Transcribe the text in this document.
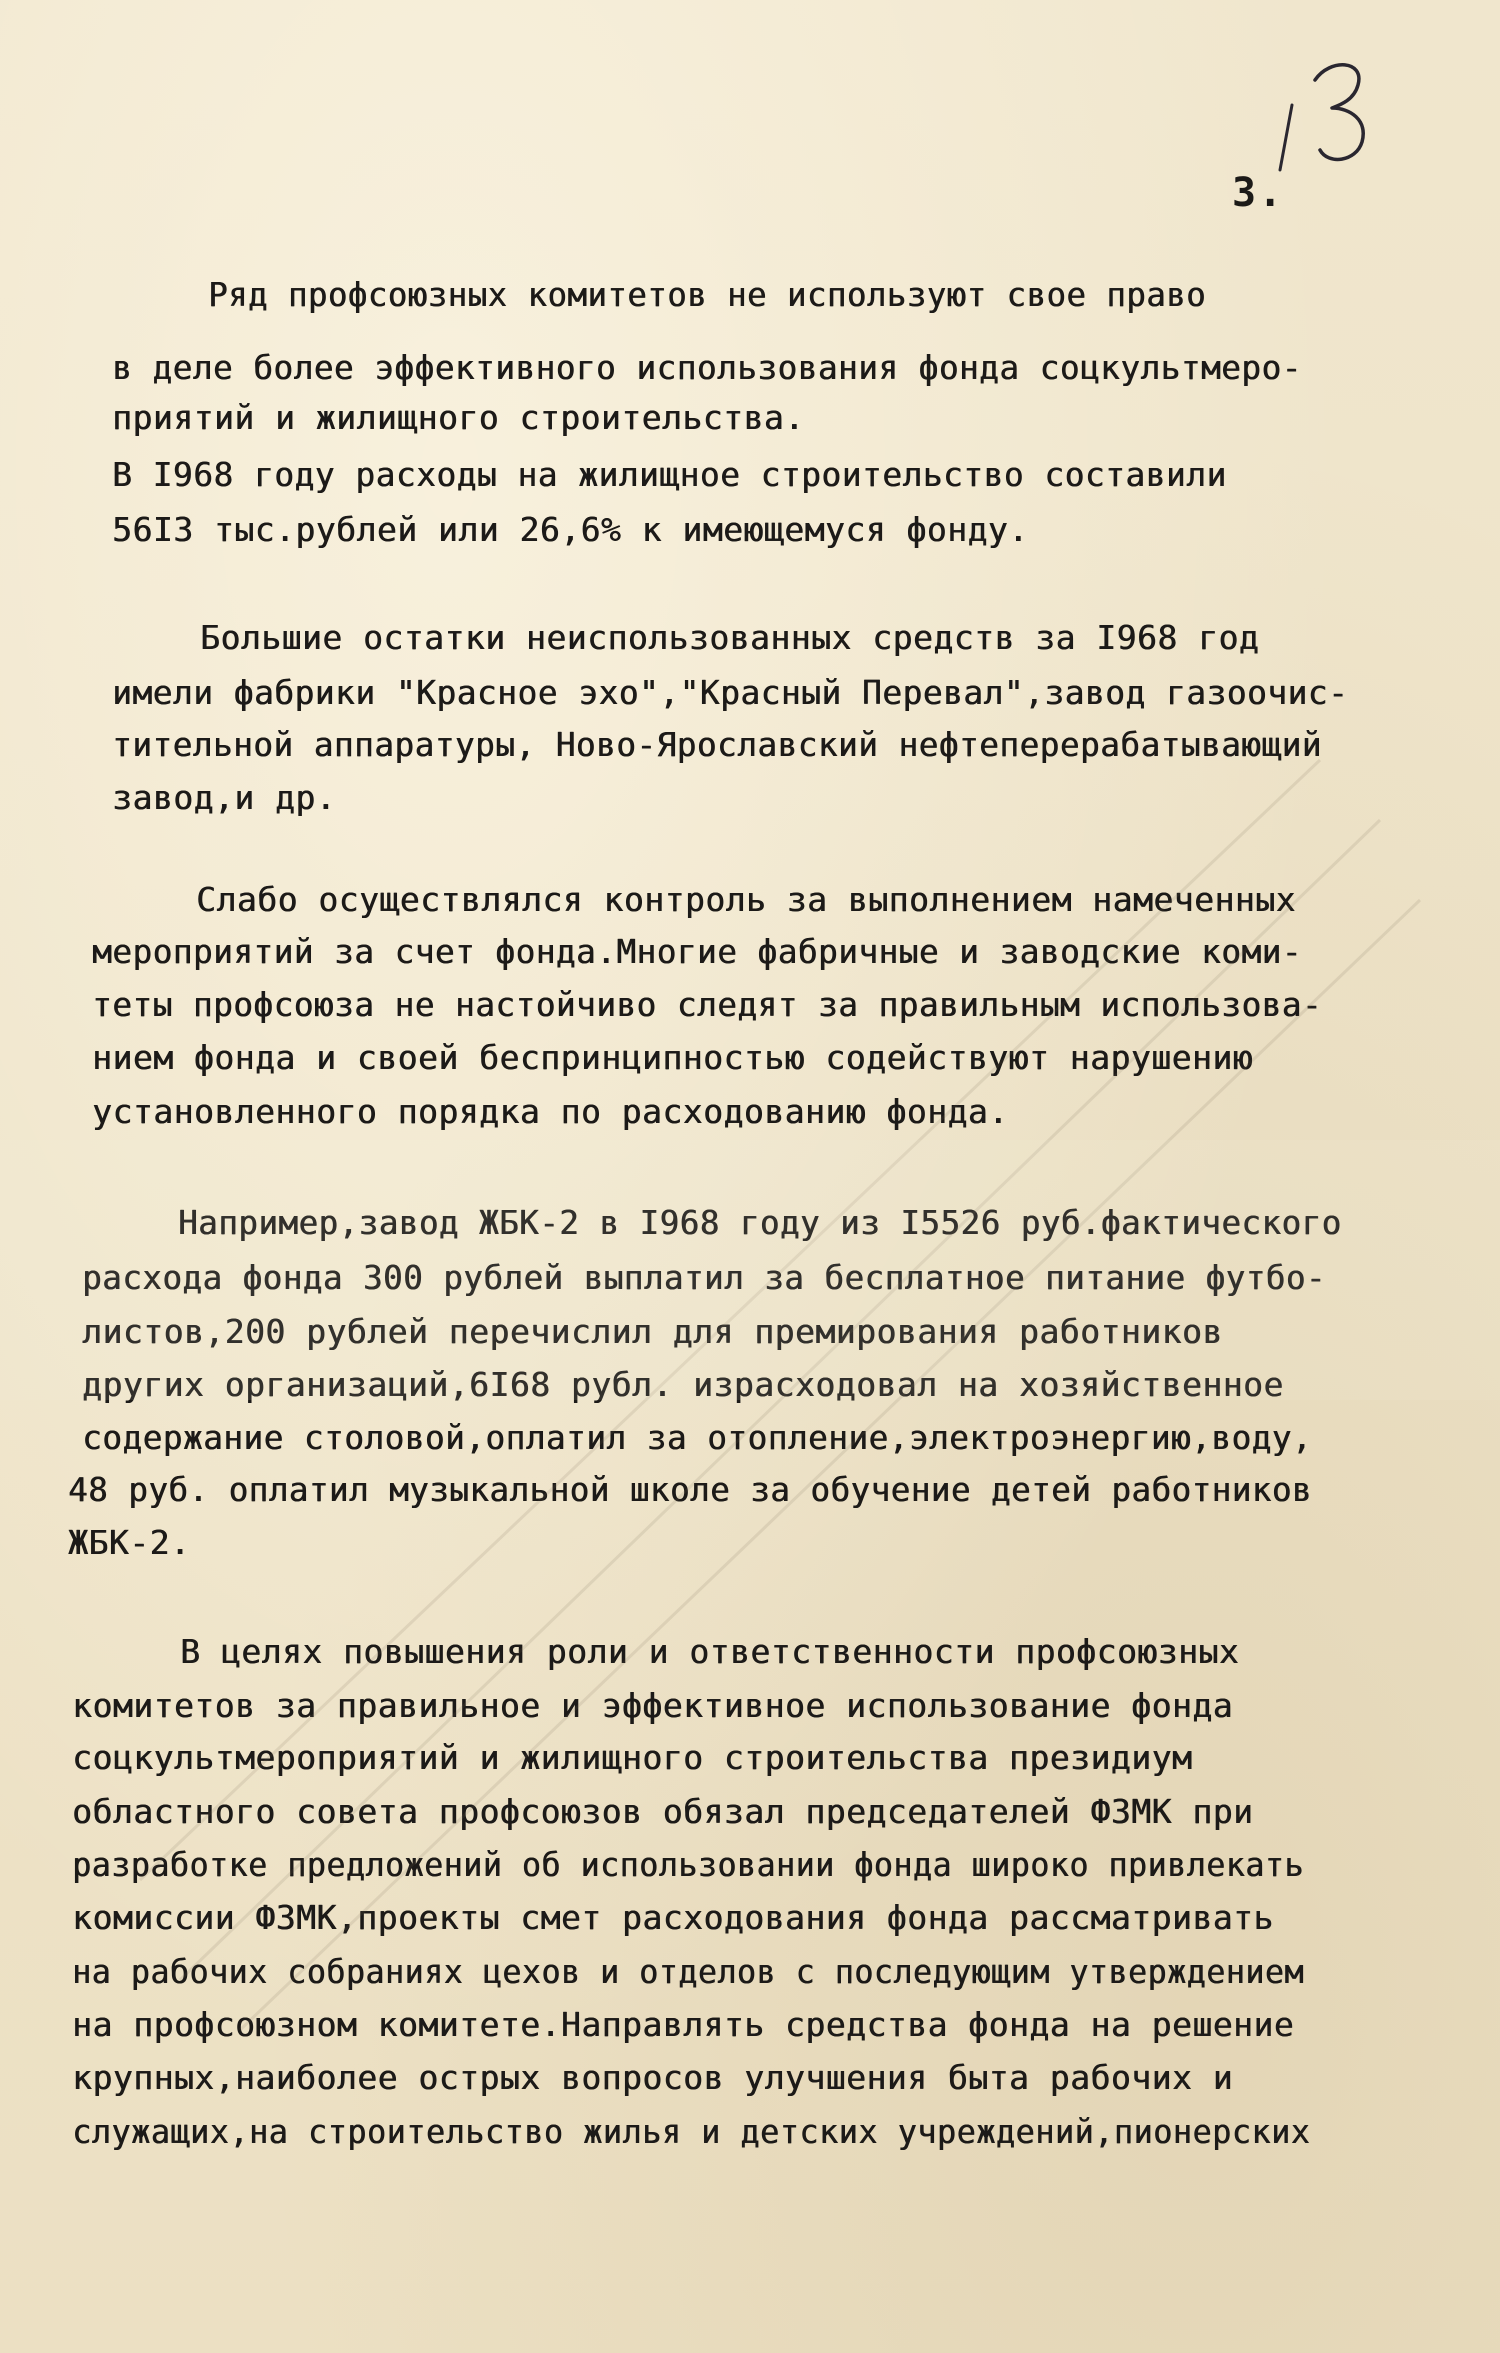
3.
Ряд профсоюзных комитетов не используют свое право
в деле более эффективного использования фонда соцкультмеро-
приятий и жилищного строительства.
В I968 году расходы на жилищное строительство составили
56I3 тыс.рублей или 26,6% к имеющемуся фонду.
Большие остатки неиспользованных средств за I968 год
имели фабрики "Красное эхо","Красный Перевал",завод газоочис-
тительной аппаратуры, Ново-Ярославский нефтеперерабатывающий
завод,и др.
Слабо осуществлялся контроль за выполнением намеченных
мероприятий за счет фонда.Многие фабричные и заводские коми-
теты профсоюза не настойчиво следят за правильным использова-
нием фонда и своей беспринципностью содействуют нарушению
установленного порядка по расходованию фонда.
Например,завод ЖБК-2 в I968 году из I5526 руб.фактического
расхода фонда 300 рублей выплатил за бесплатное питание футбо-
листов,200 рублей перечислил для премирования работников
других организаций,6I68 рубл. израсходовал на хозяйственное
содержание столовой,оплатил за отопление,электроэнергию,воду,
48 руб. оплатил музыкальной школе за обучение детей работников
ЖБК-2.
В целях повышения роли и ответственности профсоюзных
комитетов за правильное и эффективное использование фонда
соцкультмероприятий и жилищного строительства президиум
областного совета профсоюзов обязал председателей ФЗМК при
разработке предложений об использовании фонда широко привлекать
комиссии ФЗМК,проекты смет расходования фонда рассматривать
на рабочих собраниях цехов и отделов с последующим утверждением
на профсоюзном комитете.Направлять средства фонда на решение
крупных,наиболее острых вопросов улучшения быта рабочих и
служащих,на строительство жилья и детских учреждений,пионерских
